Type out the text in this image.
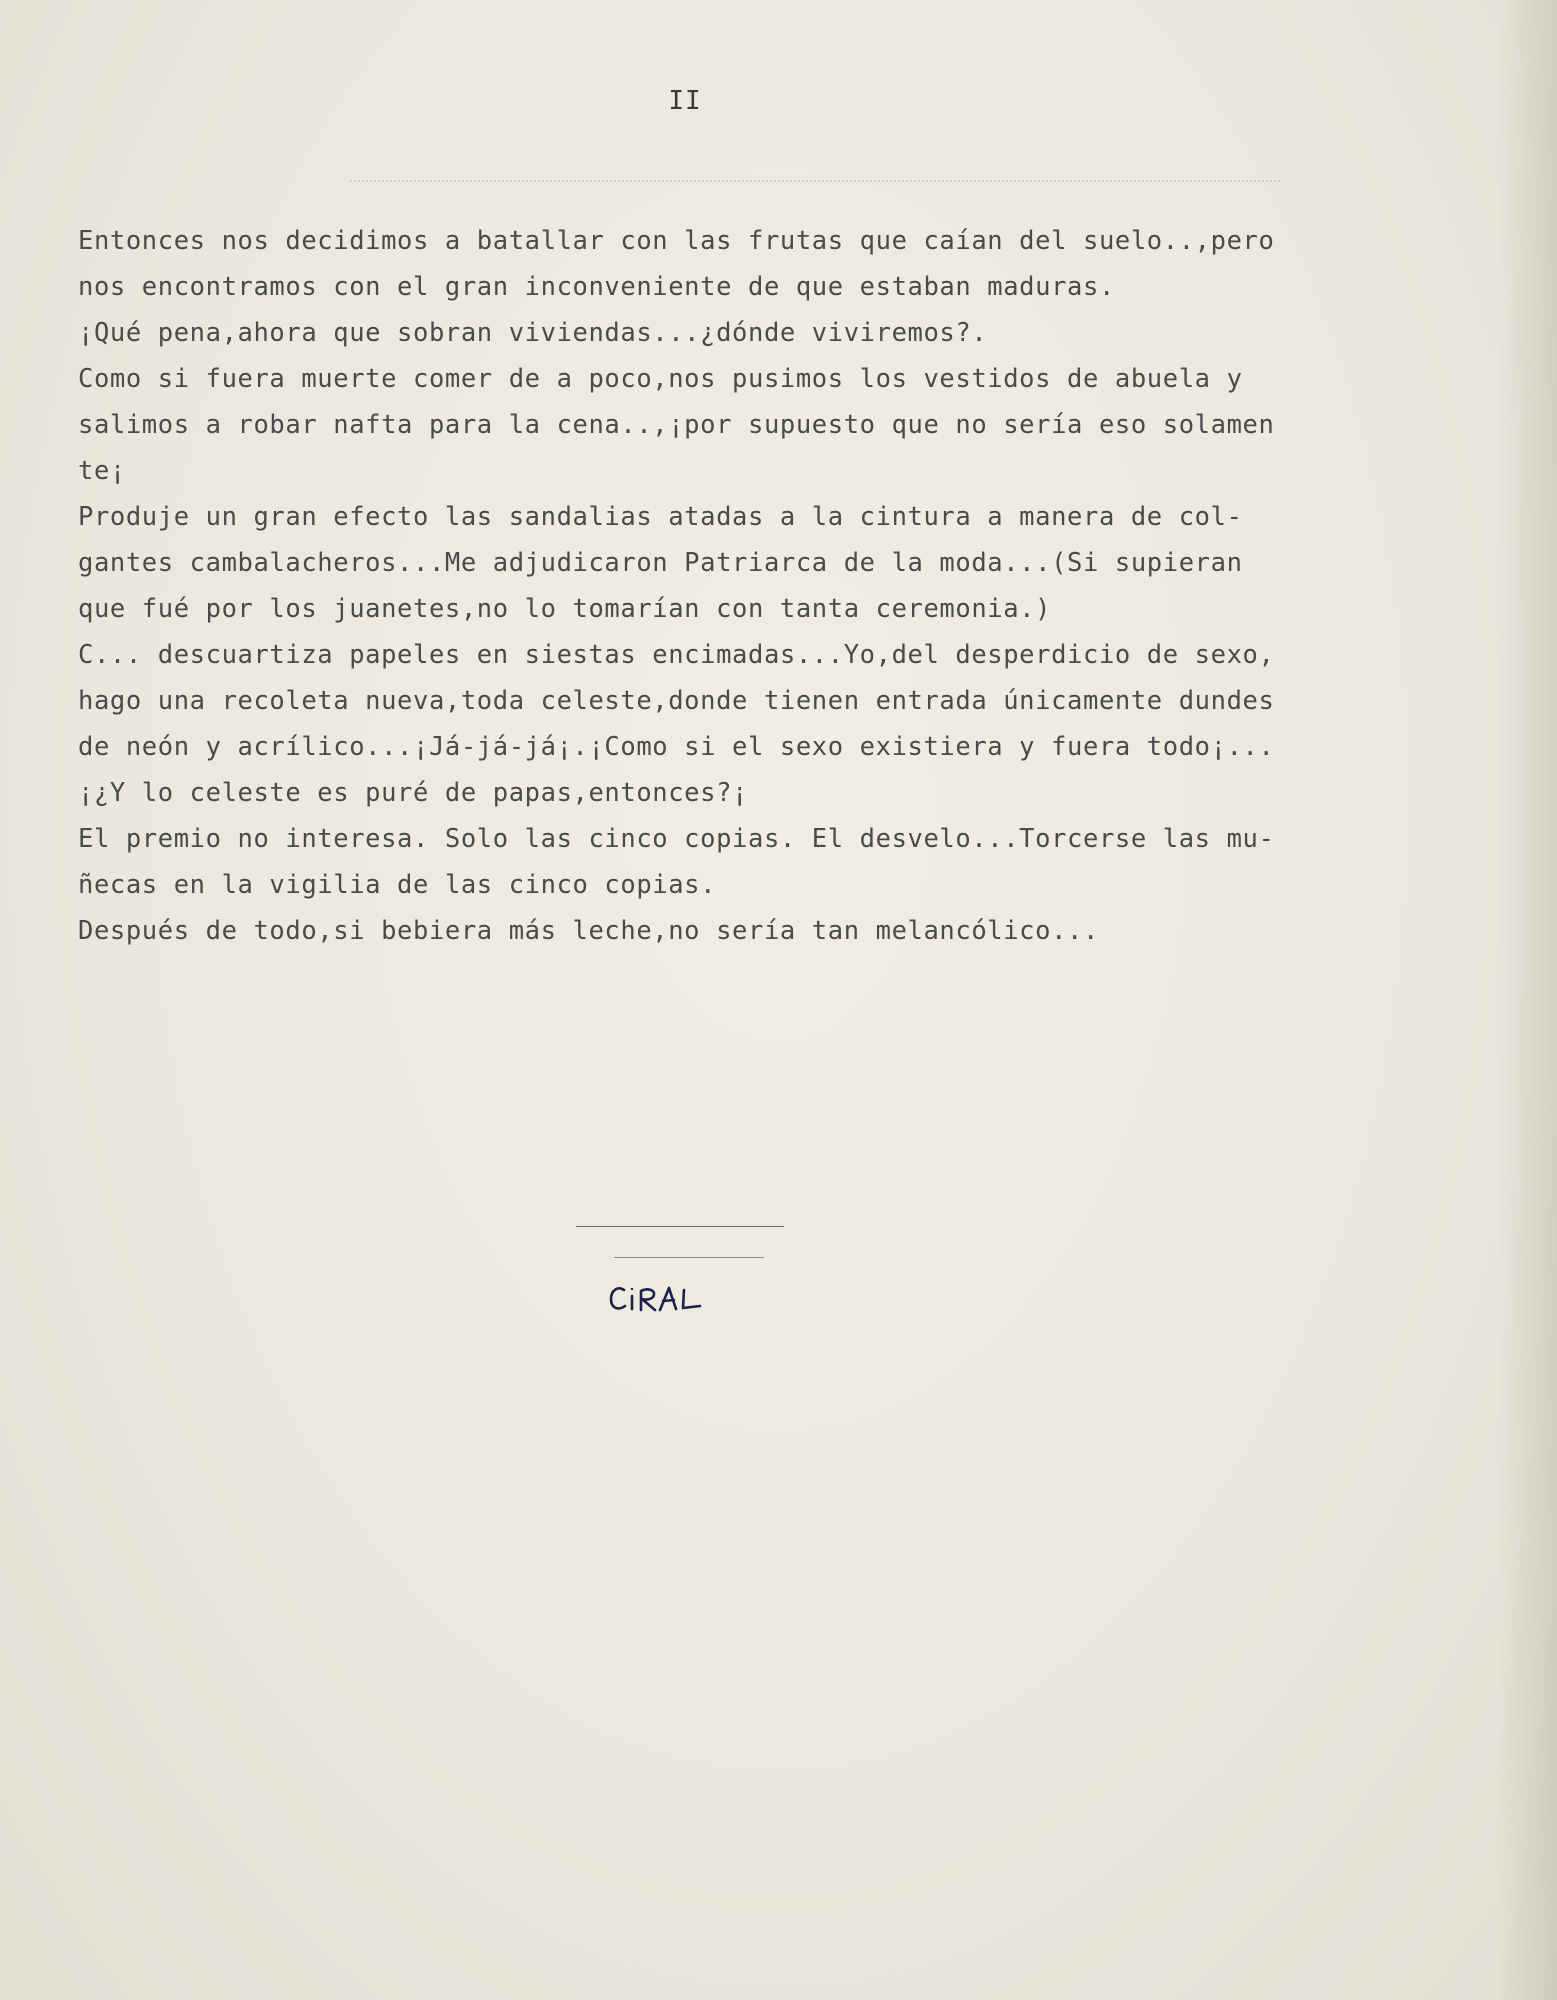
II
Entonces nos decidimos a batallar con las frutas que caían del suelo..,pero
nos encontramos con el gran inconveniente de que estaban maduras.
¡Qué pena,ahora que sobran viviendas...¿dónde viviremos?.
Como si fuera muerte comer de a poco,nos pusimos los vestidos de abuela y
salimos a robar nafta para la cena..,¡por supuesto que no sería eso solamen
te¡
Produje un gran efecto las sandalias atadas a la cintura a manera de col-
gantes cambalacheros...Me adjudicaron Patriarca de la moda...(Si supieran
que fué por los juanetes,no lo tomarían con tanta ceremonia.)
C... descuartiza papeles en siestas encimadas...Yo,del desperdicio de sexo,
hago una recoleta nueva,toda celeste,donde tienen entrada únicamente dundes
de neón y acrílico...¡Já-já-já¡.¡Como si el sexo existiera y fuera todo¡...
¡¿Y lo celeste es puré de papas,entonces?¡
El premio no interesa. Solo las cinco copias. El desvelo...Torcerse las mu-
ñecas en la vigilia de las cinco copias.
Después de todo,si bebiera más leche,no sería tan melancólico...
